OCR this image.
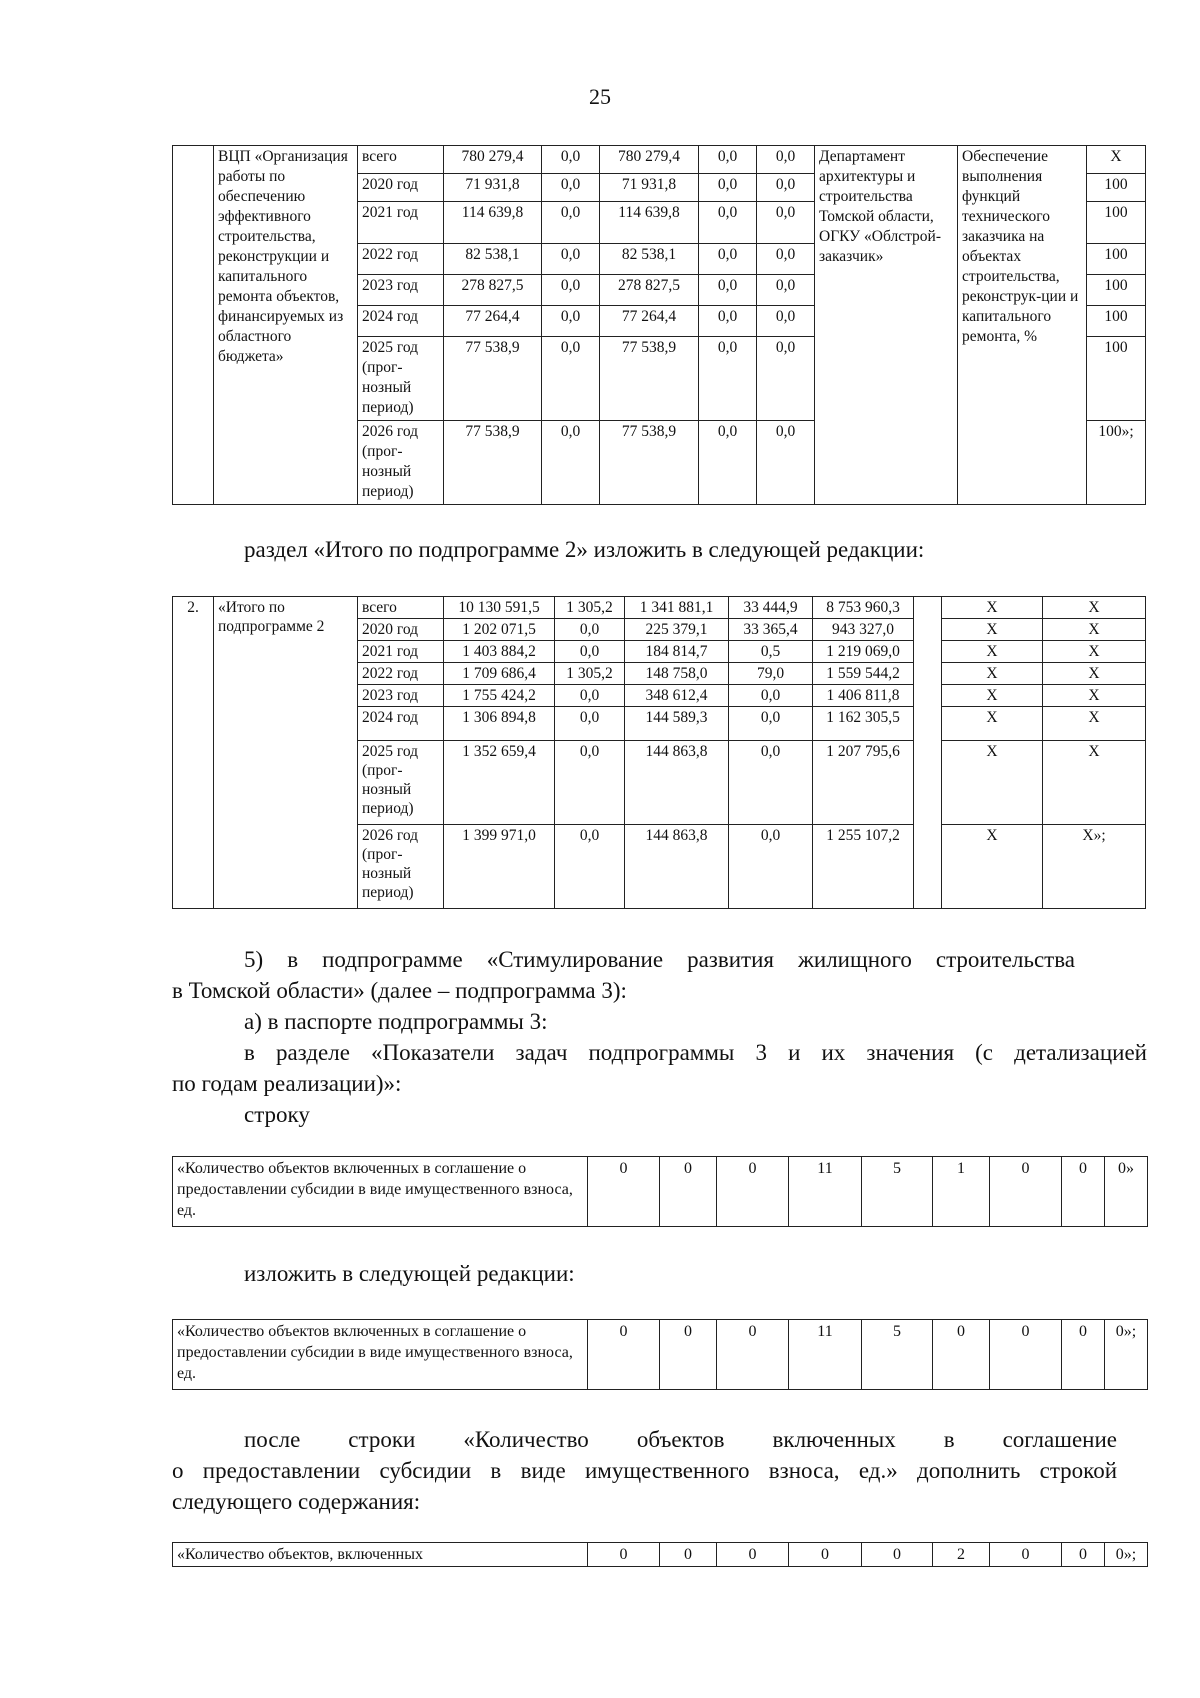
25
	ВЦП «Организация работы по обеспечению эффективного строительства, реконструкции и капитального ремонта объектов, финансируемых из областного бюджета»	всего	780 279,4	0,0	780 279,4	0,0	0,0	Департамент архитектуры и строительства Томской области, ОГКУ «Облстрой-заказчик»	Обеспечение выполнения функций технического заказчика на объектах строительства, реконструк-ции и капитального ремонта, %	Х
		2020 год	71 931,8	0,0	71 931,8	0,0	0,0			100
		2021 год	114 639,8	0,0	114 639,8	0,0	0,0			100
		2022 год	82 538,1	0,0	82 538,1	0,0	0,0			100
		2023 год	278 827,5	0,0	278 827,5	0,0	0,0			100
		2024 год	77 264,4	0,0	77 264,4	0,0	0,0			100
		2025 год (прог-нозный период)	77 538,9	0,0	77 538,9	0,0	0,0			100
		2026 год (прог-нозный период)	77 538,9	0,0	77 538,9	0,0	0,0			100»;

раздел «Итого по подпрограмме 2» изложить в следующей редакции:

2.	«Итого по подпрограмме 2	всего	10 130 591,5	1 305,2	1 341 881,1	33 444,9	8 753 960,3		Х	Х
		2020 год	1 202 071,5	0,0	225 379,1	33 365,4	943 327,0		Х	Х
		2021 год	1 403 884,2	0,0	184 814,7	0,5	1 219 069,0		Х	Х
		2022 год	1 709 686,4	1 305,2	148 758,0	79,0	1 559 544,2		Х	Х
		2023 год	1 755 424,2	0,0	348 612,4	0,0	1 406 811,8		Х	Х
		2024 год	1 306 894,8	0,0	144 589,3	0,0	1 162 305,5		Х	Х
		2025 год (прог-нозный период)	1 352 659,4	0,0	144 863,8	0,0	1 207 795,6		Х	Х
		2026 год (прог-нозный период)	1 399 971,0	0,0	144 863,8	0,0	1 255 107,2		Х	Х»;

5) в подпрограмме «Стимулирование развития жилищного строительства

в Томской области» (далее – подпрограмма 3):

а) в паспорте подпрограммы 3:

в разделе «Показатели задач подпрограммы 3 и их значения (с детализацией

по годам реализации)»:

строку

«Количество объектов включенных в соглашение о предоставлении субсидии в виде имущественного взноса, ед.	0	0	0	11	5	1	0	0	0»

изложить в следующей редакции:

«Количество объектов включенных в соглашение о предоставлении субсидии в виде имущественного взноса, ед.	0	0	0	11	5	0	0	0	0»;

после строки «Количество объектов включенных в соглашение

о предоставлении субсидии в виде имущественного взноса, ед.» дополнить строкой

следующего содержания:

«Количество объектов, включенных	0	0	0	0	0	2	0	0	0»;
